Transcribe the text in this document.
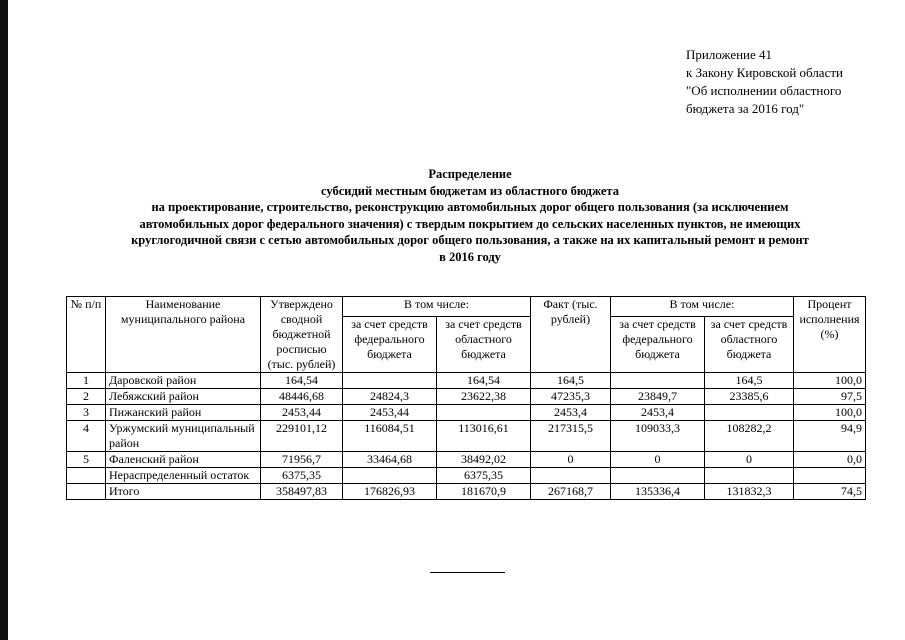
Приложение 41
к Закону Кировской области
"Об исполнении областного
бюджета за 2016 год"
Распределение
субсидий местным бюджетам из областного бюджета
на проектирование, строительство, реконструкцию автомобильных дорог общего пользования (за исключением
автомобильных дорог федерального значения) с твердым покрытием до сельских населенных пунктов, не имеющих
круглогодичной связи с сетью автомобильных дорог общего пользования, а также на их капитальный ремонт и ремонт
в 2016 году
№ п/п	Наименование муниципального района	Утверждено сводной бюджетной росписью (тыс. рублей)	В том числе:		Факт (тыс. рублей)	В том числе:		Процент исполнения (%)
			за счет средств федерального бюджета	за счет средств областного бюджета		за счет средств федерального бюджета	за счет средств областного бюджета	
1	Даровской район	164,54		164,54	164,5		164,5	100,0
2	Лебяжский район	48446,68	24824,3	23622,38	47235,3	23849,7	23385,6	97,5
3	Пижанский район	2453,44	2453,44		2453,4	2453,4		100,0
4	Уржумский муниципальный район	229101,12	116084,51	113016,61	217315,5	109033,3	108282,2	94,9
5	Фаленский район	71956,7	33464,68	38492,02	0	0	0	0,0
	Нераспределенный остаток	6375,35		6375,35				
	Итого	358497,83	176826,93	181670,9	267168,7	135336,4	131832,3	74,5
